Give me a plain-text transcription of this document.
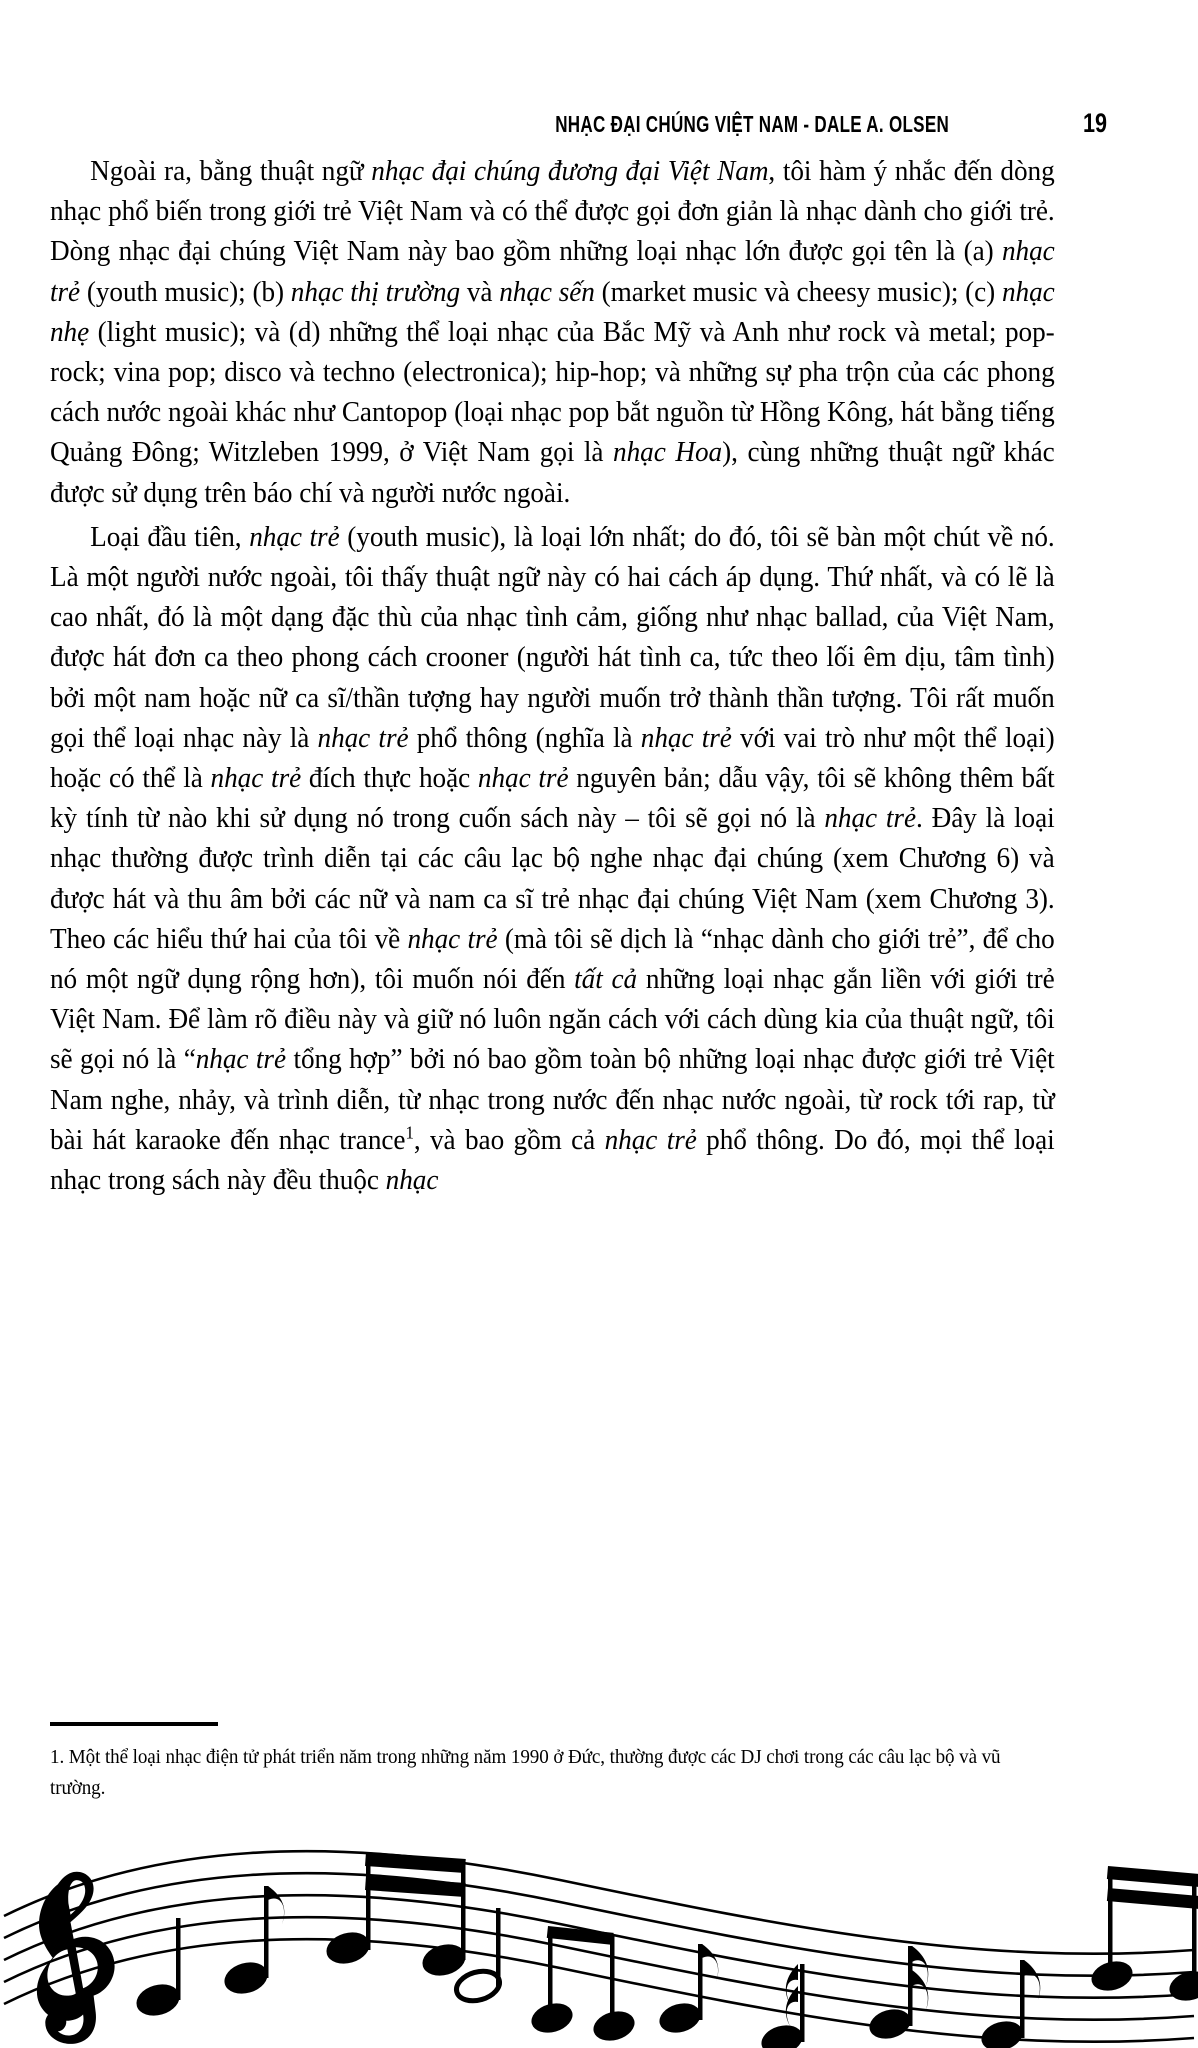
NHẠC ĐẠI CHÚNG VIỆT NAM - DALE A. OLSEN	19

Ngoài ra, bằng thuật ngữ nhạc đại chúng đương đại Việt Nam, tôi hàm ý nhắc đến dòng nhạc phổ biến trong giới trẻ Việt Nam và có thể được gọi đơn giản là nhạc dành cho giới trẻ. Dòng nhạc đại chúng Việt Nam này bao gồm những loại nhạc lớn được gọi tên là (a) nhạc trẻ (youth music); (b) nhạc thị trường và nhạc sến (market music và cheesy music); (c) nhạc nhẹ (light music); và (d) những thể loại nhạc của Bắc Mỹ và Anh như rock và metal; pop-rock; vina pop; disco và techno (electronica); hip-hop; và những sự pha trộn của các phong cách nước ngoài khác như Cantopop (loại nhạc pop bắt nguồn từ Hồng Kông, hát bằng tiếng Quảng Đông; Witzleben 1999, ở Việt Nam gọi là nhạc Hoa), cùng những thuật ngữ khác được sử dụng trên báo chí và người nước ngoài.

Loại đầu tiên, nhạc trẻ (youth music), là loại lớn nhất; do đó, tôi sẽ bàn một chút về nó. Là một người nước ngoài, tôi thấy thuật ngữ này có hai cách áp dụng. Thứ nhất, và có lẽ là cao nhất, đó là một dạng đặc thù của nhạc tình cảm, giống như nhạc ballad, của Việt Nam, được hát đơn ca theo phong cách crooner (người hát tình ca, tức theo lối êm dịu, tâm tình) bởi một nam hoặc nữ ca sĩ/thần tượng hay người muốn trở thành thần tượng. Tôi rất muốn gọi thể loại nhạc này là nhạc trẻ phổ thông (nghĩa là nhạc trẻ với vai trò như một thể loại) hoặc có thể là nhạc trẻ đích thực hoặc nhạc trẻ nguyên bản; dẫu vậy, tôi sẽ không thêm bất kỳ tính từ nào khi sử dụng nó trong cuốn sách này – tôi sẽ gọi nó là nhạc trẻ. Đây là loại nhạc thường được trình diễn tại các câu lạc bộ nghe nhạc đại chúng (xem Chương 6) và được hát và thu âm bởi các nữ và nam ca sĩ trẻ nhạc đại chúng Việt Nam (xem Chương 3). Theo các hiểu thứ hai của tôi về nhạc trẻ (mà tôi sẽ dịch là “nhạc dành cho giới trẻ”, để cho nó một ngữ dụng rộng hơn), tôi muốn nói đến tất cả những loại nhạc gắn liền với giới trẻ Việt Nam. Để làm rõ điều này và giữ nó luôn ngăn cách với cách dùng kia của thuật ngữ, tôi sẽ gọi nó là “nhạc trẻ tổng hợp” bởi nó bao gồm toàn bộ những loại nhạc được giới trẻ Việt Nam nghe, nhảy, và trình diễn, từ nhạc trong nước đến nhạc nước ngoài, từ rock tới rap, từ bài hát karaoke đến nhạc trance$^1$, và bao gồm cả nhạc trẻ phổ thông. Do đó, mọi thể loại nhạc trong sách này đều thuộc nhạc

1. Một thể loại nhạc điện tử phát triển năm trong những năm 1990 ở Đức, thường được các DJ chơi trong các câu lạc bộ và vũ trường.
